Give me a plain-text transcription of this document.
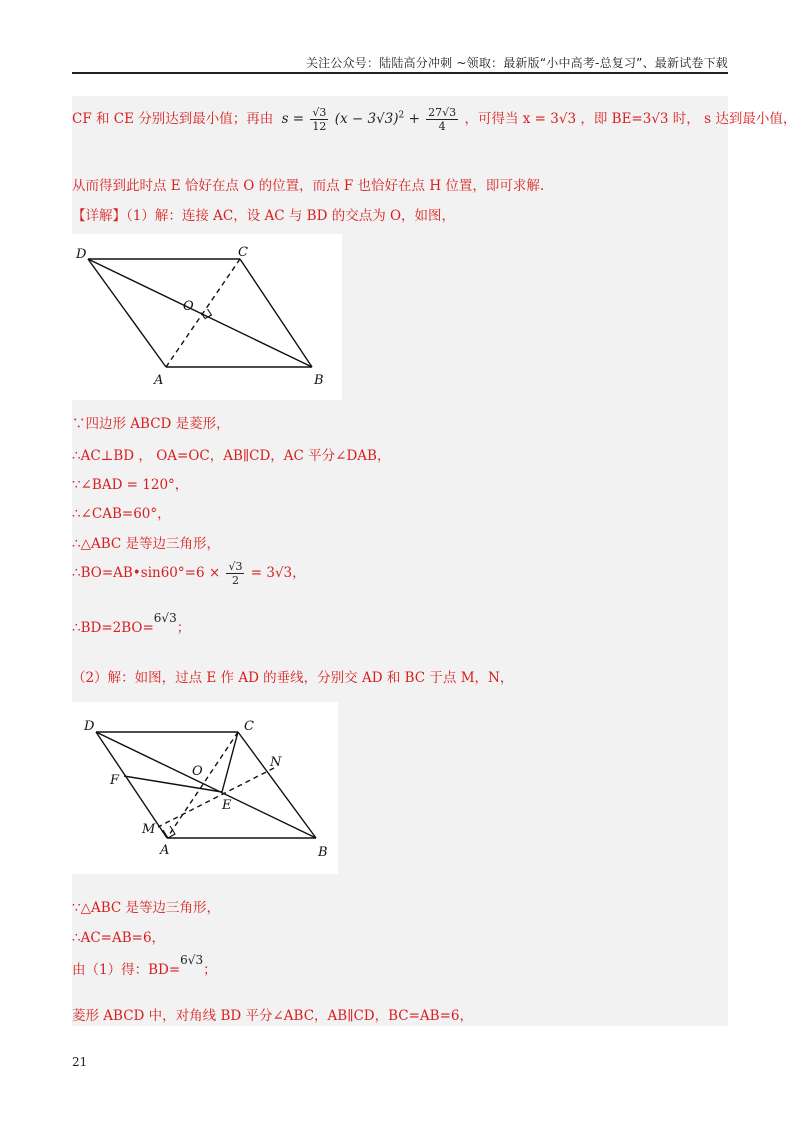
关注公众号：陆陆高分冲刺 ~领取：最新版“小中高考-总复习”、最新试卷下载
CF 和 CE 分别达到最小值；再由 $s = \frac{√3}{12} (x - 3√3)^2 + \frac{27√3}{4}$ ，可得当 x = 3√3 ，即 BE=3√3 时， s 达到最小值，
从而得到此时点 E 恰好在点 O 的位置，而点 F 也恰好在点 H 位置，即可求解.
【详解】（1）解：连接 AC，设 AC 与 BD 的交点为 O，如图，
D	C
O
A	B
∵四边形 ABCD 是菱形，
∴AC⊥BD ， OA=OC，AB∥CD，AC 平分∠DAB，
∵∠BAD = 120°，
∴∠CAB=60°，
∴△ABC 是等边三角形，
∴BO=AB•sin60°=6 × $\frac{√3}{2} = 3√3$，
∴BD=2BO=6√3；
（2）解：如图，过点 E 作 AD 的垂线，分别交 AD 和 BC 于点 M，N，
D	C
N
F
O
E
M
A	B
∵△ABC 是等边三角形，
∴AC=AB=6，
由（1）得：BD=6√3；
菱形 ABCD 中，对角线 BD 平分∠ABC，AB∥CD，BC=AB=6，
21
